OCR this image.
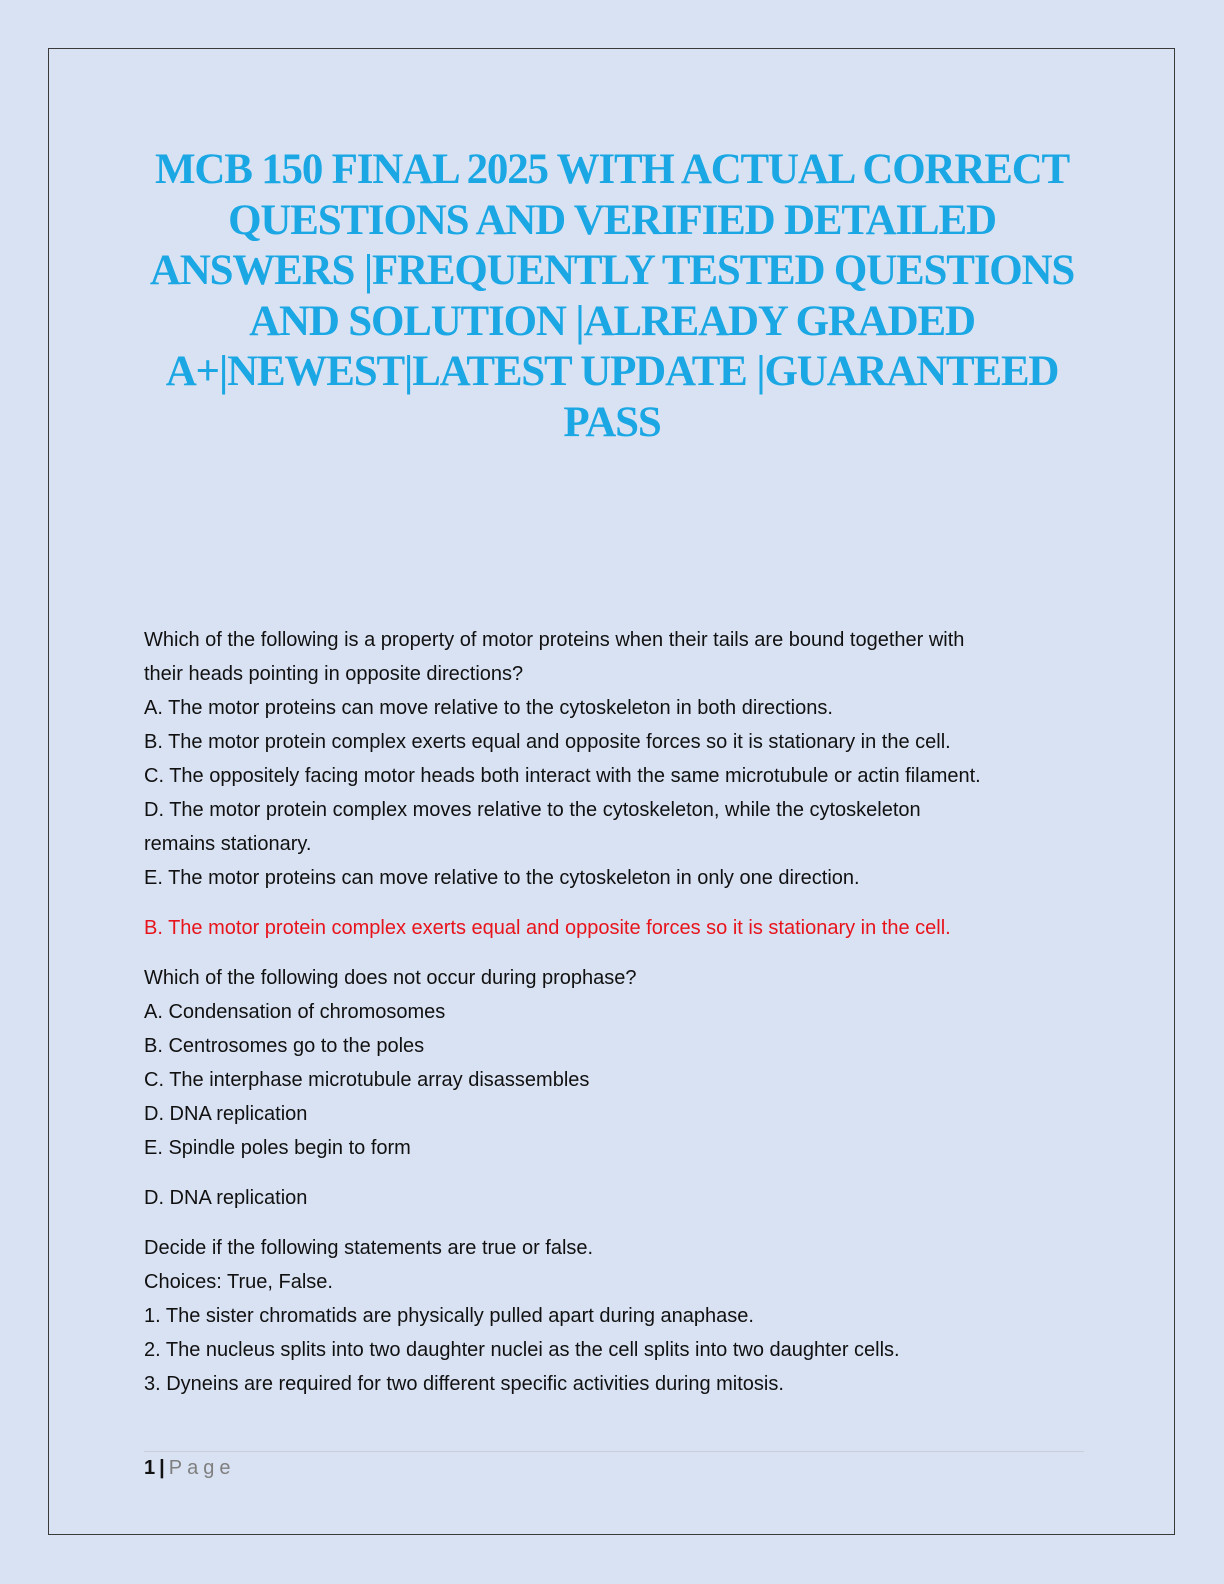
MCB 150 FINAL 2025 WITH ACTUAL CORRECT QUESTIONS AND VERIFIED DETAILED ANSWERS |FREQUENTLY TESTED QUESTIONS AND SOLUTION |ALREADY GRADED A+|NEWEST|LATEST UPDATE |GUARANTEED PASS

Which of the following is a property of motor proteins when their tails are bound together with

their heads pointing in opposite directions?

A. The motor proteins can move relative to the cytoskeleton in both directions.

B. The motor protein complex exerts equal and opposite forces so it is stationary in the cell.

C. The oppositely facing motor heads both interact with the same microtubule or actin filament.

D. The motor protein complex moves relative to the cytoskeleton, while the cytoskeleton

remains stationary.

E. The motor proteins can move relative to the cytoskeleton in only one direction.

B. The motor protein complex exerts equal and opposite forces so it is stationary in the cell.

Which of the following does not occur during prophase?

A. Condensation of chromosomes

B. Centrosomes go to the poles

C. The interphase microtubule array disassembles

D. DNA replication

E. Spindle poles begin to form

D. DNA replication

Decide if the following statements are true or false.

Choices: True, False.

1. The sister chromatids are physically pulled apart during anaphase.

2. The nucleus splits into two daughter nuclei as the cell splits into two daughter cells.

3. Dyneins are required for two different specific activities during mitosis.

1 | Page
